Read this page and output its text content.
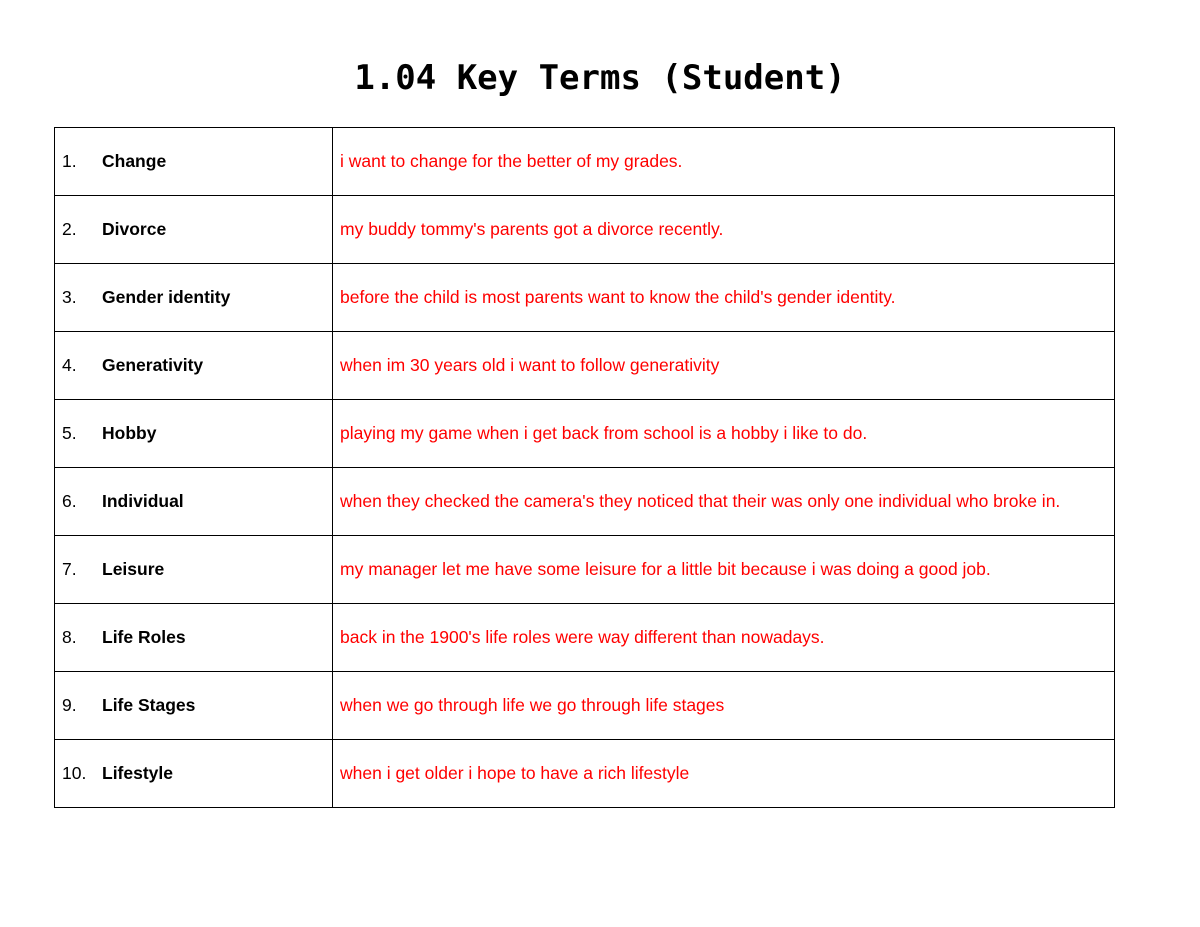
1.04 Key Terms (Student)
1. Change	i want to change for the better of my grades.
2. Divorce	my buddy tommy's parents got a divorce recently.
3. Gender identity	before the child is most parents want to know the child's gender identity.
4. Generativity	when im 30 years old i want to follow generativity
5. Hobby	playing my game when i get back from school is a hobby i like to do.
6. Individual	when they checked the camera's they noticed that their was only one individual who broke in.
7. Leisure	my manager let me have some leisure for a little bit because i was doing a good job.
8. Life Roles	back in the 1900's life roles were way different than nowadays.
9. Life Stages	when we go through life we go through life stages
10. Lifestyle	when i get older i hope to have a rich lifestyle
